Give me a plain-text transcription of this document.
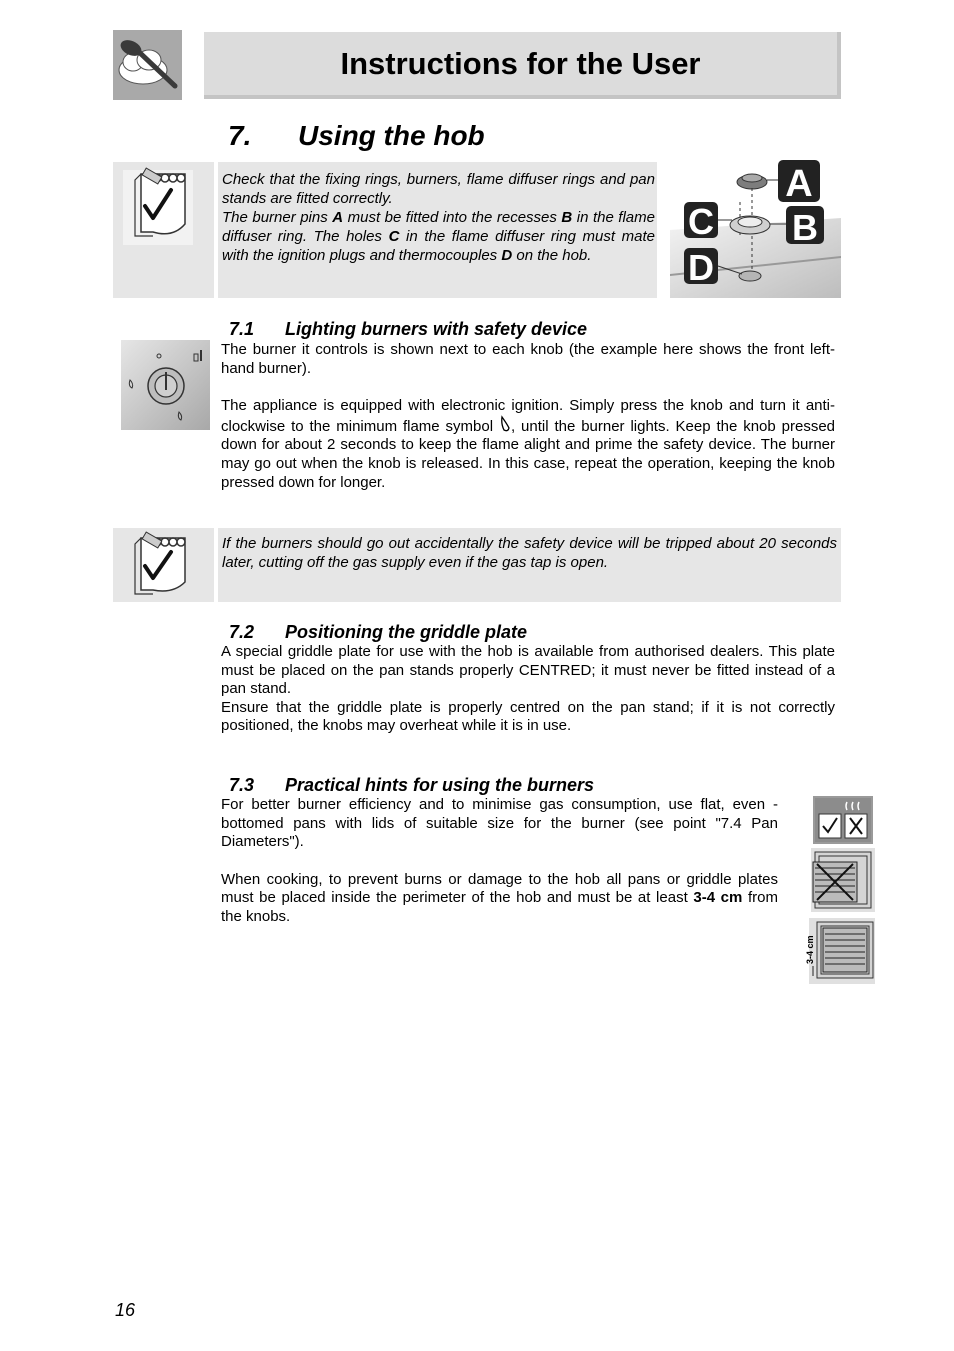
Instructions for the User
7. Using the hob
Check that the fixing rings, burners, flame diffuser rings and pan stands are fitted correctly.
The burner pins A must be fitted into the recesses B in the flame diffuser ring. The holes C in the flame diffuser ring must mate with the ignition plugs and thermocouples D on the hob.
A
B
C
D
7.1 Lighting burners with safety device

The burner it controls is shown next to each knob (the example here shows the front left-hand burner).

The appliance is equipped with electronic ignition. Simply press the knob and turn it anti-clockwise to the minimum flame symbol , until the burner lights. Keep the knob pressed down for about 2 seconds to keep the flame alight and prime the safety device. The burner may go out when the knob is released. In this case, repeat the operation, keeping the knob pressed down for longer.

If the burners should go out accidentally the safety device will be tripped about 20 seconds later, cutting off the gas supply even if the gas tap is open.
7.2 Positioning the griddle plate

A special griddle plate for use with the hob is available from authorised dealers. This plate must be placed on the pan stands properly CENTRED; it must never be fitted instead of a pan stand.

Ensure that the griddle plate is properly centred on the pan stand; if it is not correctly positioned, the knobs may overheat while it is in use.

7.3 Practical hints for using the burners

For better burner efficiency and to minimise gas consumption, use flat, even - bottomed pans with lids of suitable size for the burner (see point "7.4 Pan Diameters").

When cooking, to prevent burns or damage to the hob all pans or griddle plates must be placed inside the perimeter of the hob and must be at least 3-4 cm from the knobs.

3-4 cm
16
